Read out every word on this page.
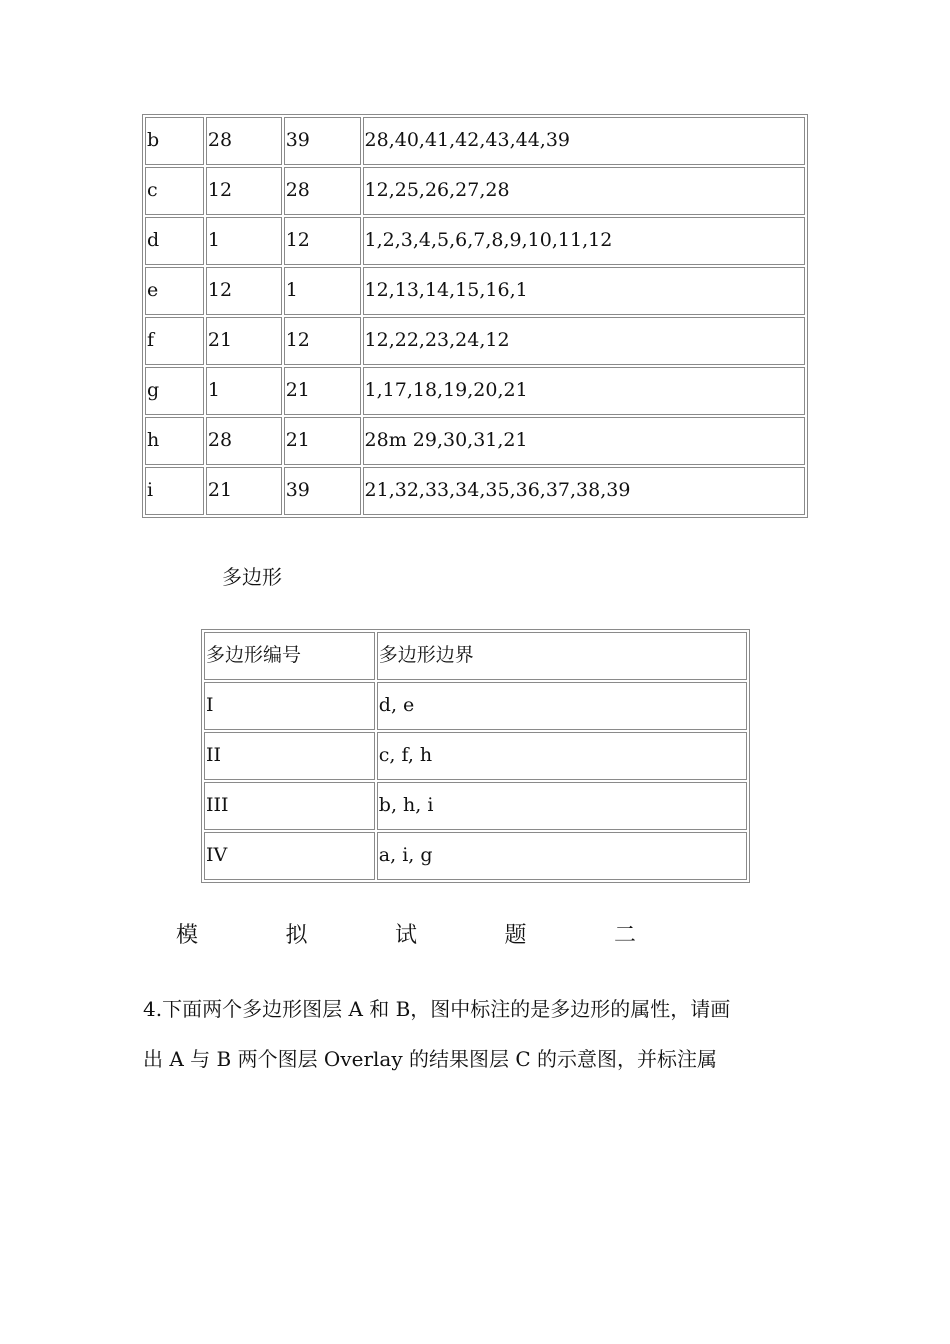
b	28	39	28,40,41,42,43,44,39
c	12	28	12,25,26,27,28
d	1	12	1,2,3,4,5,6,7,8,9,10,11,12
e	12	1	12,13,14,15,16,1
f	21	12	12,22,23,24,12
g	1	21	1,17,18,19,20,21
h	28	21	28m 29,30,31,21
i	21	39	21,32,33,34,35,36,37,38,39
多边形
多边形编号	多边形边界
I	d, e
II	c, f, h
III	b, h, i
IV	a, i, g
模	拟	试	题	二
4.下面两个多边形图层 A 和 B，图中标注的是多边形的属性，请画
出 A 与 B 两个图层 Overlay 的结果图层 C 的示意图，并标注属
